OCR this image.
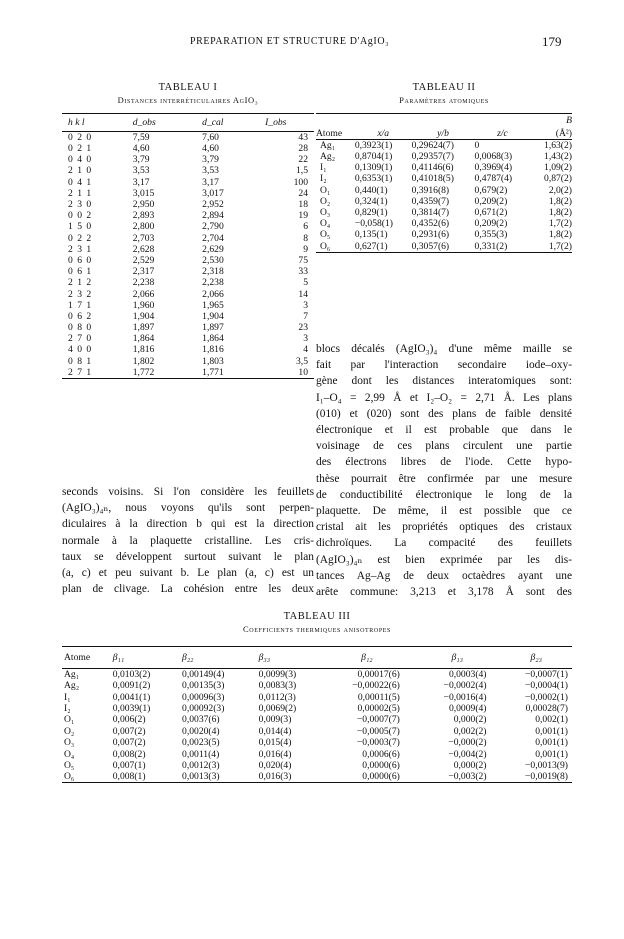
PREPARATION ET STRUCTURE D'AgIO₃	179
TABLEAU I
Distances interréticulaires AgIO₃
h k l	d_obs	d_cal	I_obs
0 2 0	7,59	7,60	43
0 2 1	4,60	4,60	28
0 4 0	3,79	3,79	22
2 1 0	3,53	3,53	1,5
0 4 1	3,17	3,17	100
2 1 1	3,015	3,017	24
2 3 0	2,950	2,952	18
0 0 2	2,893	2,894	19
1 5 0	2,800	2,790	6
0 2 2	2,703	2,704	8
2 3 1	2,628	2,629	9
0 6 0	2,529	2,530	75
0 6 1	2,317	2,318	33
2 1 2	2,238	2,238	5
2 3 2	2,066	2,066	14
1 7 1	1,960	1,965	3
0 6 2	1,904	1,904	7
0 8 0	1,897	1,897	23
2 7 0	1,864	1,864	3
4 0 0	1,816	1,816	4
0 8 1	1,802	1,803	3,5
2 7 1	1,772	1,771	10
TABLEAU II
Paramètres atomiques
				B
Atome	x/a	y/b	z/c	(Å²)
Ag₁	0,3923(1)	0,29624(7)	0	1,63(2)
Ag₂	0,8704(1)	0,29357(7)	0,0068(3)	1,43(2)
I₁	0,1309(1)	0,41146(6)	0,3969(4)	1,09(2)
I₂	0,6353(1)	0,41018(5)	0,4787(4)	0,87(2)
O₁	0,440(1)	0,3916(8)	0,679(2)	2,0(2)
O₂	0,324(1)	0,4359(7)	0,209(2)	1,8(2)
O₃	0,829(1)	0,3814(7)	0,671(2)	1,8(2)
O₄	−0,058(1)	0,4352(6)	0,209(2)	1,7(2)
O₅	0,135(1)	0,2931(6)	0,355(3)	1,8(2)
O₆	0,627(1)	0,3057(6)	0,331(2)	1,7(2)
blocs décalés (AgIO₃)₄ d'une même maille se
fait par l'interaction secondaire iode–oxy-
gène dont les distances interatomiques sont:
I₁–O₄ = 2,99 Å et I₂–O₂ = 2,71 Å. Les plans
(010) et (020) sont des plans de faible densité
électronique et il est probable que dans le
voisinage de ces plans circulent une partie
des électrons libres de l'iode. Cette hypo-
thèse pourrait être confirmée par une mesure
de conductibilité électronique le long de la
plaquette. De même, il est possible que ce
cristal ait les propriétés optiques des cristaux
dichroïques. La compacité des feuillets
(AgIO₃)₄ₙ est bien exprimée par les dis-
tances Ag–Ag de deux octaèdres ayant une
arête commune: 3,213 et 3,178 Å sont des
seconds voisins. Si l'on considère les feuillets
(AgIO₃)₄ₙ, nous voyons qu'ils sont perpen-
diculaires à la direction b qui est la direction
normale à la plaquette cristalline. Les cris-
taux se développent surtout suivant le plan
(a, c) et peu suivant b. Le plan (a, c) est un
plan de clivage. La cohésion entre les deux
TABLEAU III
Coefficients thermiques anisotropes
Atome	β₁₁	β₂₂	β₃₃	β₁₂	β₁₃	β₂₃
Ag₁	0,0103(2)	0,00149(4)	0,0099(3)	0,00017(6)	0,0003(4)	−0,0007(1)
Ag₂	0,0091(2)	0,00135(3)	0,0083(3)	−0,00022(6)	−0,0002(4)	−0,0004(1)
I₁	0,0041(1)	0,00096(3)	0,0112(3)	0,00011(5)	−0,0016(4)	−0,0002(1)
I₂	0,0039(1)	0,00092(3)	0,0069(2)	0,00002(5)	0,0009(4)	0,00028(7)
O₁	0,006(2)	0,0037(6)	0,009(3)	−0,0007(7)	0,000(2)	0,002(1)
O₂	0,007(2)	0,0020(4)	0,014(4)	−0,0005(7)	0,002(2)	0,001(1)
O₃	0,007(2)	0,0023(5)	0,015(4)	−0,0003(7)	−0,000(2)	0,001(1)
O₄	0,008(2)	0,0011(4)	0,016(4)	0,0006(6)	−0,004(2)	0,001(1)
O₅	0,007(1)	0,0012(3)	0,020(4)	0,0000(6)	0,000(2)	−0,0013(9)
O₆	0,008(1)	0,0013(3)	0,016(3)	0,0000(6)	−0,003(2)	−0,0019(8)
